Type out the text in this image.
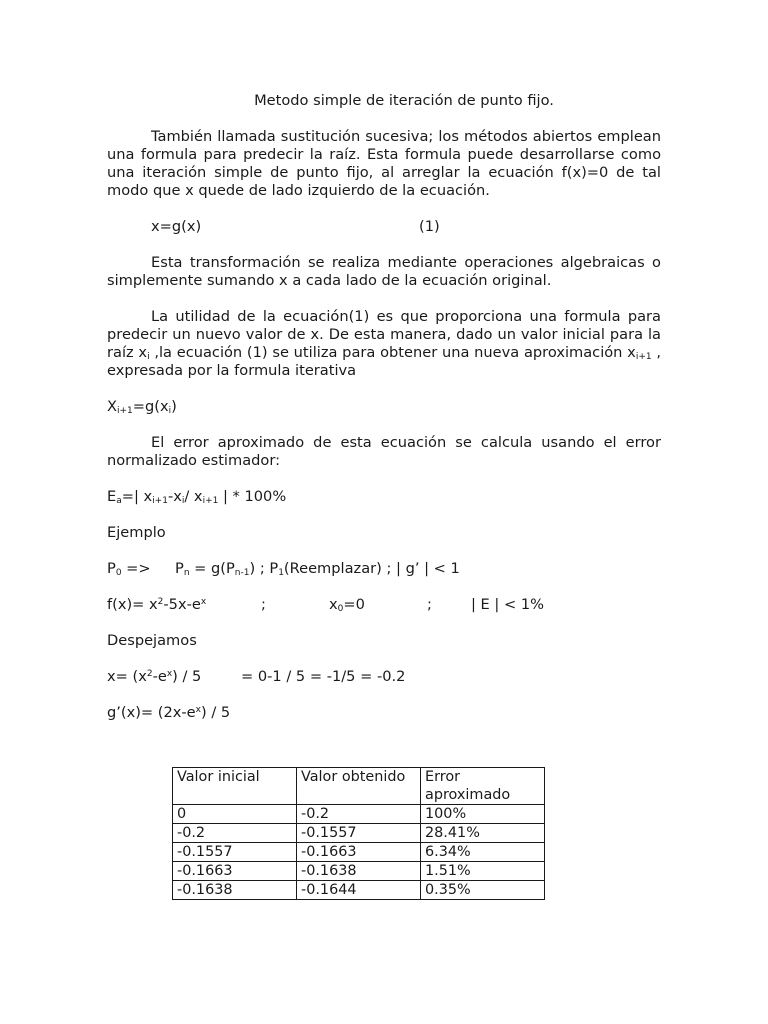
Metodo simple de iteración de punto fijo.

También llamada sustitución sucesiva; los métodos abiertos emplean una formula para predecir la raíz. Esta formula puede desarrollarse como una iteración simple de punto fijo, al arreglar la ecuación f(x)=0 de tal modo que x quede de lado izquierdo de la ecuación.

x=g(x)	(1)

Esta transformación se realiza mediante operaciones algebraicas o simplemente sumando x a cada lado de la ecuación original.

La utilidad de la ecuación(1) es que proporciona una formula para predecir un nuevo valor de x. De esta manera, dado un valor inicial para la raíz $x_i$ ,la ecuación (1) se utiliza para obtener una nueva aproximación $x_{i+1}$ , expresada por la formula iterativa

$X_{i+1}=g(x_i)$

El error aproximado de esta ecuación se calcula usando el error normalizado estimador:

$E_a=|$ $x_{i+1}-x_i/$ $x_{i+1}$ | * 100%
Ejemplo
$P_0$ =>	$P_n = g(P_{n-1})$ ; $P_1(Reemplazar)$ ; | g’ | < 1
$f(x)= x^2-5x-e^x$	;	$x_0=0$	;	| E | < 1%
Despejamos
$x= (x^2-e^x) / 5$	= 0-1 / 5 = -1/5 = -0.2
g’(x)= $(2x-e^x) / 5$
Valor inicial	Valor obtenido	Error aproximado
0	-0.2	100%
-0.2	-0.1557	28.41%
-0.1557	-0.1663	6.34%
-0.1663	-0.1638	1.51%
-0.1638	-0.1644	0.35%
